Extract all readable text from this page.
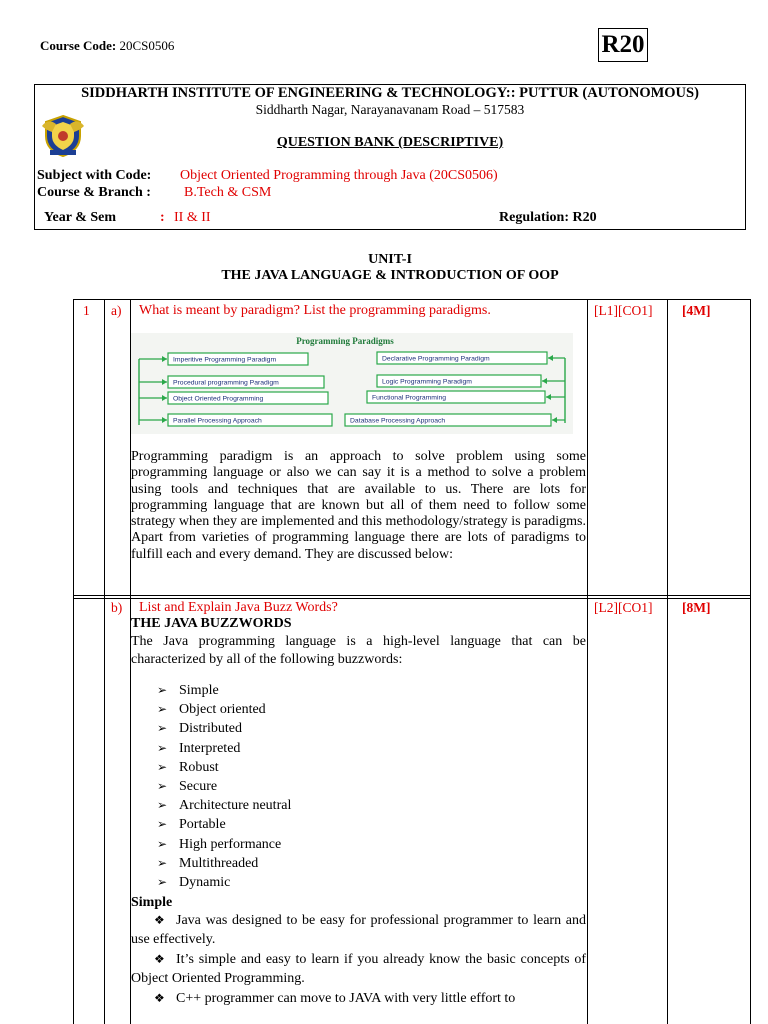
Course Code: 20CS0506	R20
SIDDHARTH INSTITUTE OF ENGINEERING & TECHNOLOGY:: PUTTUR (AUTONOMOUS)
Siddharth Nagar, Narayanavanam Road – 517583
QUESTION BANK (DESCRIPTIVE)
Subject with Code: Object Oriented Programming through Java (20CS0506)
Course & Branch : B.Tech & CSM
Year & Sem	: II & II	Regulation: R20
UNIT-I
THE JAVA LANGUAGE & INTRODUCTION OF OOP
1 a) What is meant by paradigm? List the programming paradigms.	[L1][CO1] [4M]
Programming Paradigms
Imperitive Programming Paradigm
Procedural programming Paradigm
Object Oriented Programming
Parallel Processing Approach
Declarative Programming Paradigm
Logic Programming Paradigm
Functional Programming
Database Processing Approach
Programming paradigm is an approach to solve problem using some programming language or also we can say it is a method to solve a problem using tools and techniques that are available to us. There are lots for programming language that are known but all of them need to follow some strategy when they are implemented and this methodology/strategy is paradigms. Apart from varieties of programming language there are lots of paradigms to fulfill each and every demand. They are discussed below:
b) List and Explain Java Buzz Words?	[L2][CO1] [8M]
THE JAVA BUZZWORDS
The Java programming language is a high-level language that can be characterized by all of the following buzzwords:
➢ Simple
➢ Object oriented
➢ Distributed
➢ Interpreted
➢ Robust
➢ Secure
➢ Architecture neutral
➢ Portable
➢ High performance
➢ Multithreaded
➢ Dynamic
Simple
❖ Java was designed to be easy for professional programmer to learn and use effectively.
❖ It’s simple and easy to learn if you already know the basic concepts of Object Oriented Programming.
❖ C++ programmer can move to JAVA with very little effort to
